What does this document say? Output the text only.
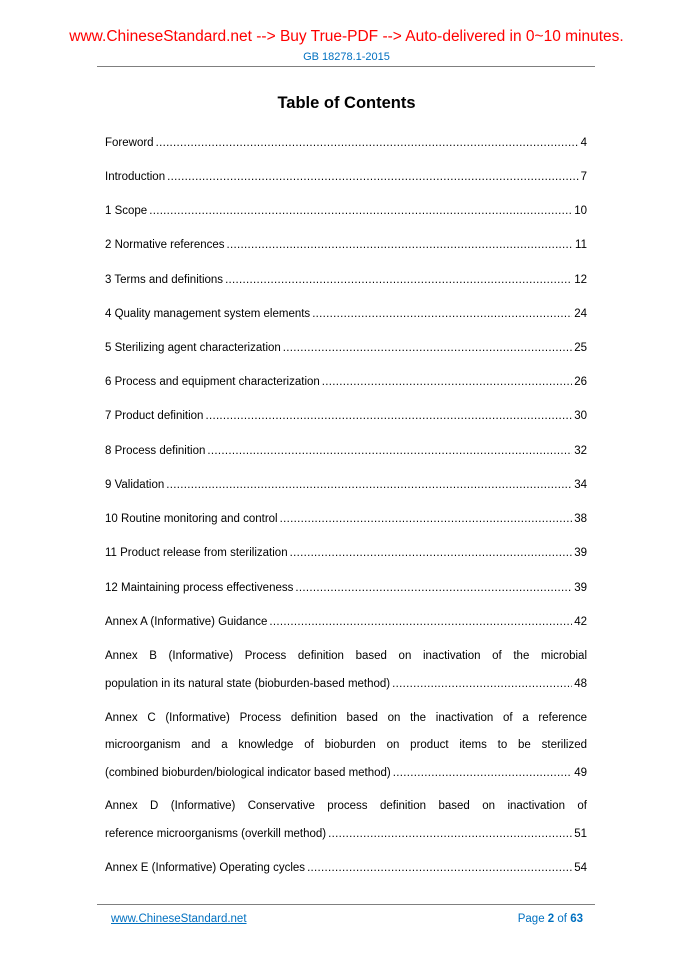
www.ChineseStandard.net --> Buy True-PDF --> Auto-delivered in 0~10 minutes.
GB 18278.1-2015
Table of Contents
Foreword .....	4
Introduction .....	7
1 Scope .....	10
2 Normative references .....	11
3 Terms and definitions .....	12
4 Quality management system elements .....	24
5 Sterilizing agent characterization .....	25
6 Process and equipment characterization .....	26
7 Product definition .....	30
8 Process definition .....	32
9 Validation .....	34
10 Routine monitoring and control .....	38
11 Product release from sterilization .....	39
12 Maintaining process effectiveness .....	39
Annex A (Informative) Guidance .....	42
Annex B (Informative) Process definition based on inactivation of the microbial
population in its natural state (bioburden-based method) .....	48
Annex C (Informative) Process definition based on the inactivation of a reference
microorganism and a knowledge of bioburden on product items to be sterilized
(combined bioburden/biological indicator based method) .....	49
Annex D (Informative) Conservative process definition based on inactivation of
reference microorganisms (overkill method) .....	51
Annex E (Informative) Operating cycles .....	54
www.ChineseStandard.net	Page 2 of 63
